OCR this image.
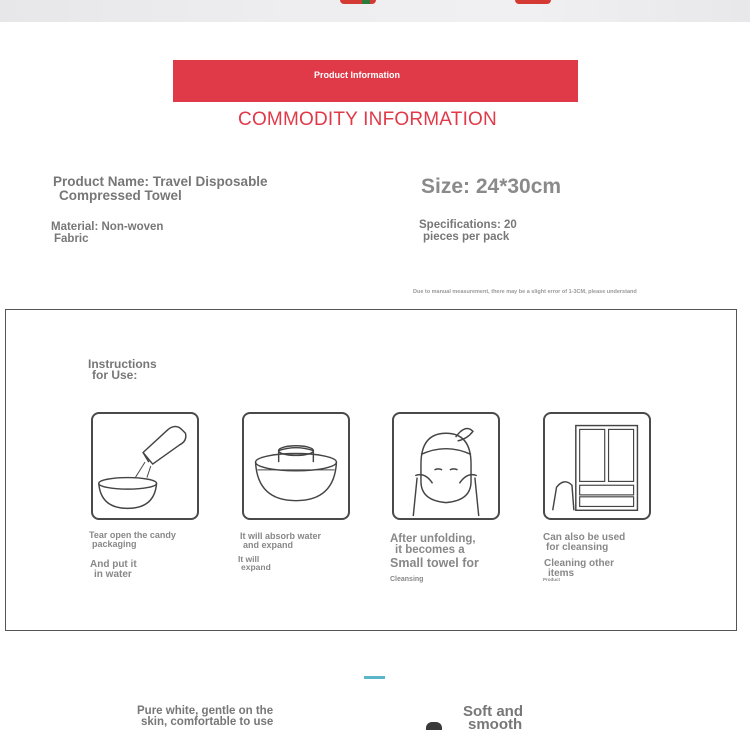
Product Information
COMMODITY INFORMATION
Product Name: Travel Disposable
Compressed Towel
Material: Non-woven
Fabric
Size: 24*30cm
Specifications: 20
pieces per pack
Due to manual measurement, there may be a slight error of 1-3CM, please understand
Instructions
for Use:
Tear open the candy
packaging
And put it
in water
It will absorb water
and expand
It will
expand
After unfolding,
it becomes a
Small towel for
Cleansing
Can also be used
for cleansing
Cleaning other
items
Product
Pure white, gentle on the
skin, comfortable to use
Soft and
smooth
